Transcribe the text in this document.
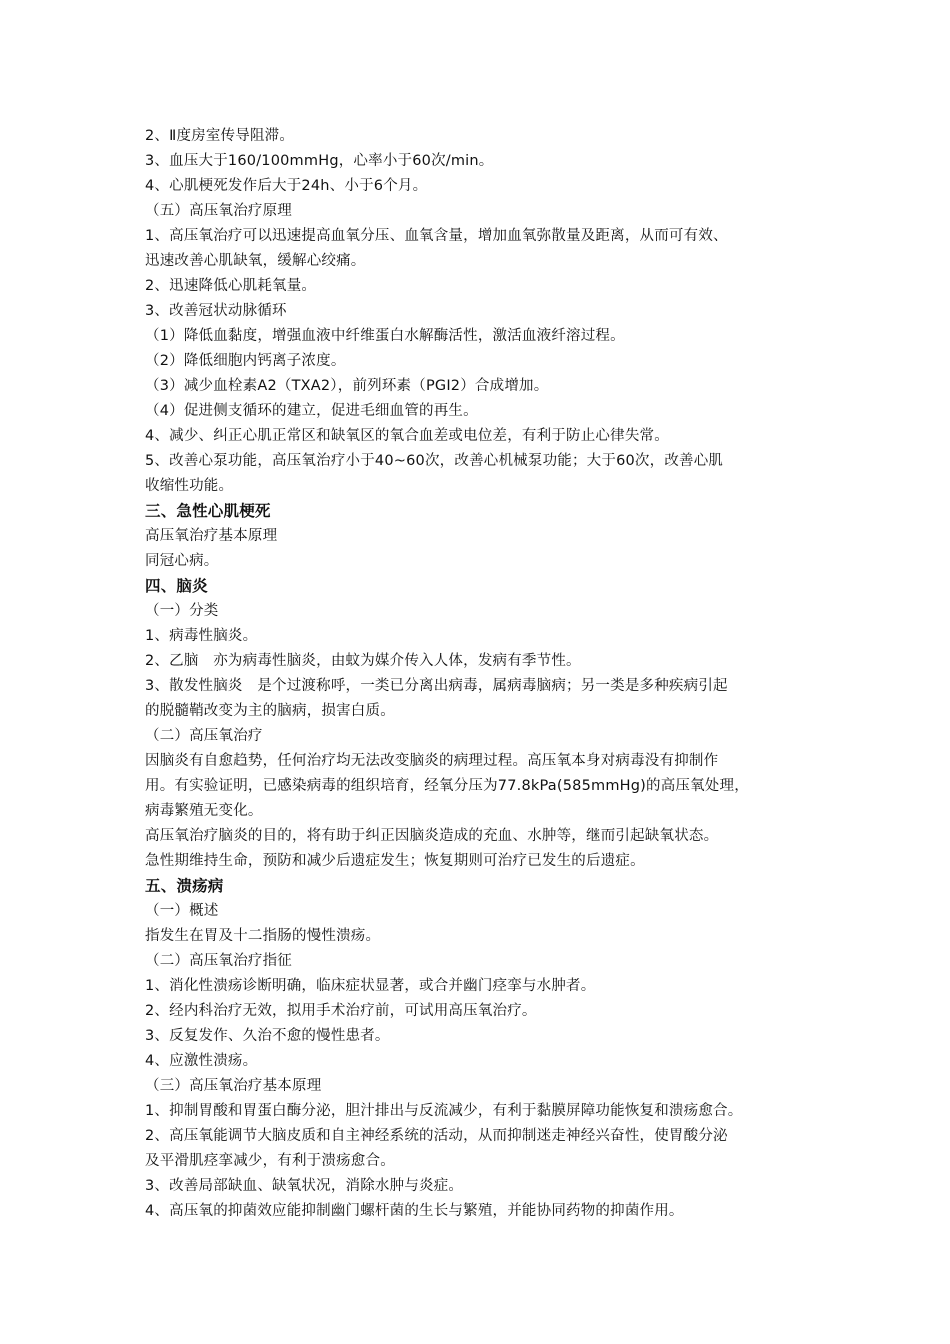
2、Ⅱ度房室传导阻滞。
3、血压大于160/100mmHg，心率小于60次/min。
4、心肌梗死发作后大于24h、小于6个月。
（五）高压氧治疗原理
1、高压氧治疗可以迅速提高血氧分压、血氧含量，增加血氧弥散量及距离，从而可有效、
迅速改善心肌缺氧，缓解心绞痛。
2、迅速降低心肌耗氧量。
3、改善冠状动脉循环
（1）降低血黏度，增强血液中纤维蛋白水解酶活性，激活血液纤溶过程。
（2）降低细胞内钙离子浓度。
（3）减少血栓素A2（TXA2），前列环素（PGI2）合成增加。
（4）促进侧支循环的建立，促进毛细血管的再生。
4、减少、纠正心肌正常区和缺氧区的氧合血差或电位差，有利于防止心律失常。
5、改善心泵功能，高压氧治疗小于40~60次，改善心机械泵功能；大于60次，改善心肌
收缩性功能。
三、急性心肌梗死
高压氧治疗基本原理
同冠心病。
四、脑炎
（一）分类
1、病毒性脑炎。
2、乙脑　亦为病毒性脑炎，由蚊为媒介传入人体，发病有季节性。
3、散发性脑炎　是个过渡称呼，一类已分离出病毒，属病毒脑病；另一类是多种疾病引起
的脱髓鞘改变为主的脑病，损害白质。
（二）高压氧治疗
因脑炎有自愈趋势，任何治疗均无法改变脑炎的病理过程。高压氧本身对病毒没有抑制作
用。有实验证明，已感染病毒的组织培育，经氧分压为77.8kPa(585mmHg)的高压氧处理，
病毒繁殖无变化。
高压氧治疗脑炎的目的，将有助于纠正因脑炎造成的充血、水肿等，继而引起缺氧状态。
急性期维持生命，预防和减少后遗症发生；恢复期则可治疗已发生的后遗症。
五、溃疡病
（一）概述
指发生在胃及十二指肠的慢性溃疡。
（二）高压氧治疗指征
1、消化性溃疡诊断明确，临床症状显著，或合并幽门痉挛与水肿者。
2、经内科治疗无效，拟用手术治疗前，可试用高压氧治疗。
3、反复发作、久治不愈的慢性患者。
4、应激性溃疡。
（三）高压氧治疗基本原理
1、抑制胃酸和胃蛋白酶分泌，胆汁排出与反流减少，有利于黏膜屏障功能恢复和溃疡愈合。
2、高压氧能调节大脑皮质和自主神经系统的活动，从而抑制迷走神经兴奋性，使胃酸分泌
及平滑肌痉挛减少，有利于溃疡愈合。
3、改善局部缺血、缺氧状况，消除水肿与炎症。
4、高压氧的抑菌效应能抑制幽门螺杆菌的生长与繁殖，并能协同药物的抑菌作用。
